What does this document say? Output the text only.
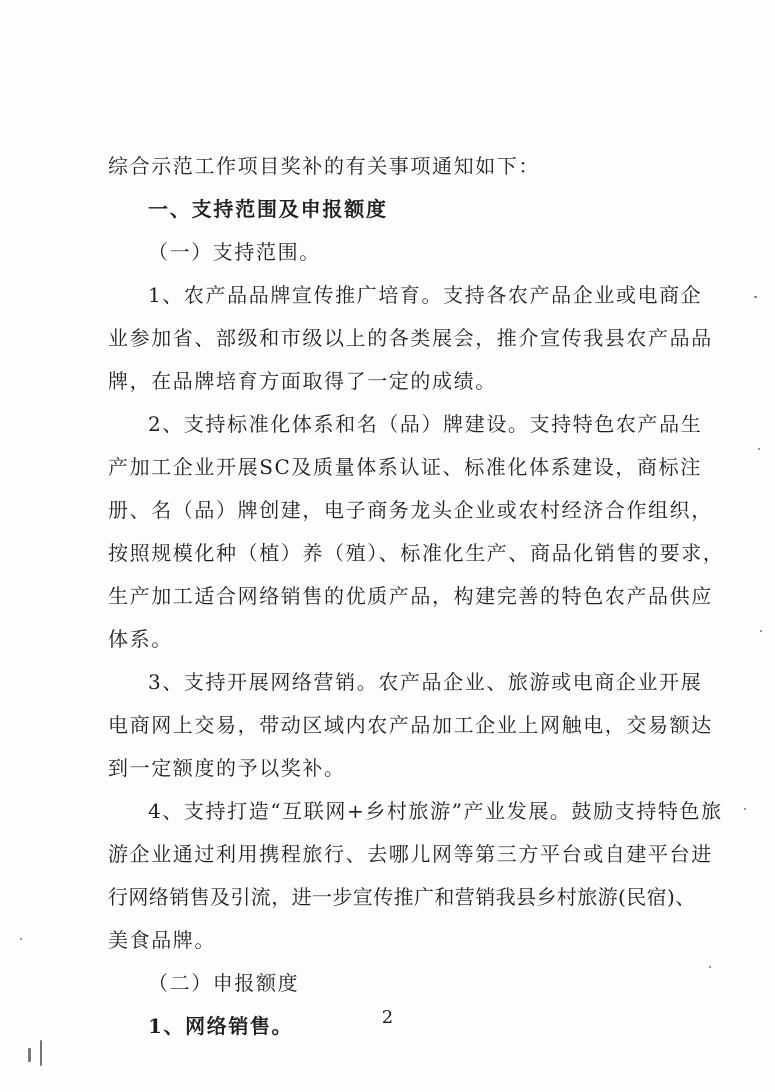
综合示范工作项目奖补的有关事项通知如下：
一、支持范围及申报额度
（一）支持范围。
1、农产品品牌宣传推广培育。支持各农产品企业或电商企
业参加省、部级和市级以上的各类展会，推介宣传我县农产品品
牌，在品牌培育方面取得了一定的成绩。
2、支持标准化体系和名（品）牌建设。支持特色农产品生
产加工企业开展SC及质量体系认证、标准化体系建设，商标注
册、名（品）牌创建，电子商务龙头企业或农村经济合作组织，
按照规模化种（植）养（殖）、标准化生产、商品化销售的要求，
生产加工适合网络销售的优质产品，构建完善的特色农产品供应
体系。
3、支持开展网络营销。农产品企业、旅游或电商企业开展
电商网上交易，带动区域内农产品加工企业上网触电，交易额达
到一定额度的予以奖补。
4、支持打造“互联网+乡村旅游”产业发展。鼓励支持特色旅
游企业通过利用携程旅行、去哪儿网等第三方平台或自建平台进
行网络销售及引流，进一步宣传推广和营销我县乡村旅游(民宿)、
美食品牌。
（二）申报额度
1、网络销售。	2
